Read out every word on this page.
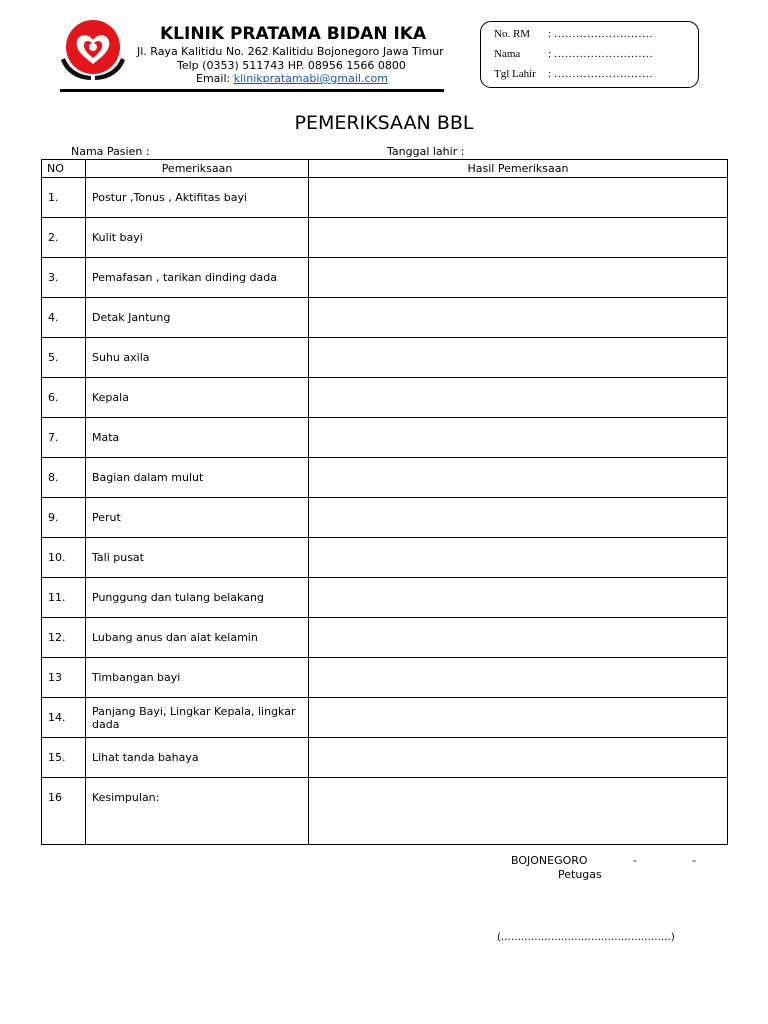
KLINIK PRATAMA BIDAN IKA
Jl. Raya Kalitidu No. 262 Kalitidu Bojonegoro Jawa Timur
Telp (0353) 511743 HP. 08956 1566 0800
Email: klinikpratamabi@gmail.com
No. RM : ………………………
Nama	: ………………………
Tgl Lahir : ………………………
PEMERIKSAAN BBL
Nama Pasien :	Tanggal lahir :
NO	Pemeriksaan	Hasil Pemeriksaan
1.	Postur ,Tonus , Aktifitas bayi	
2.	Kulit bayi	
3.	Pemafasan , tarikan dinding dada	
4.	Detak Jantung	
5.	Suhu axila	
6.	Kepala	
7.	Mata	
8.	Bagian dalam mulut	
9.	Perut	
10.	Tali pusat	
11.	Punggung dan tulang belakang	
12.	Lubang anus dan alat kelamin	
13	Timbangan bayi	
14.	Panjang Bayi, Lingkar Kepala, lingkar dada	
15.	Lihat tanda bahaya	
16	Kesimpulan:	
BOJONEGORO	-	-
Petugas
(……………………………………………)
